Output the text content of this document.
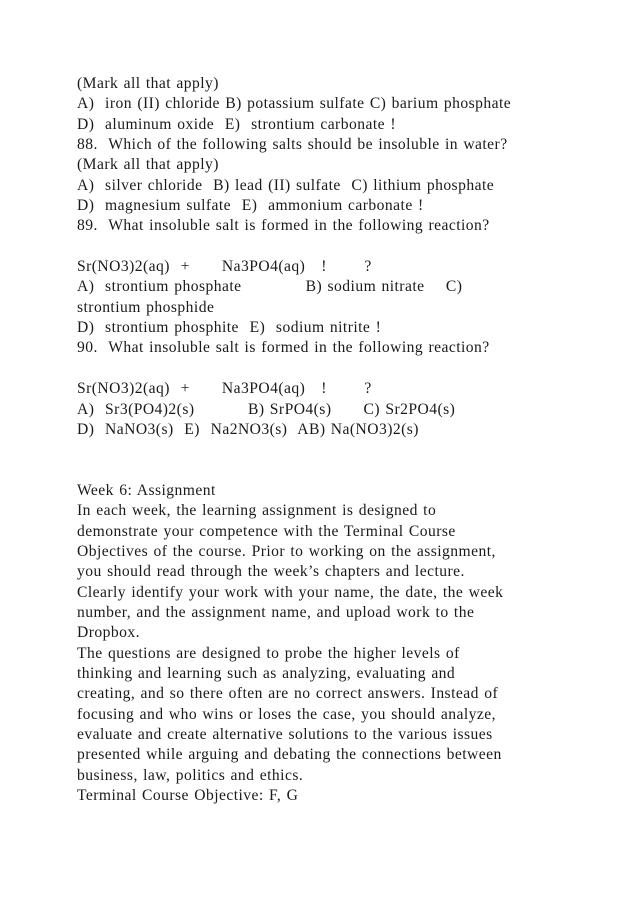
(Mark all that apply)
A)  iron (II) chloride B) potassium sulfate C) barium phosphate
D)  aluminum oxide  E)  strontium carbonate !
88.  Which of the following salts should be insoluble in water?
(Mark all that apply)
A)  silver chloride  B) lead (II) sulfate  C) lithium phosphate
D)  magnesium sulfate  E)  ammonium carbonate !
89.  What insoluble salt is formed in the following reaction?
Sr(NO3)2(aq)  +      Na3PO4(aq)   !       ?
A)  strontium phosphate            B) sodium nitrate    C)
strontium phosphide
D)  strontium phosphite  E)  sodium nitrite !
90.  What insoluble salt is formed in the following reaction?
Sr(NO3)2(aq)  +      Na3PO4(aq)   !       ?
A)  Sr3(PO4)2(s)          B) SrPO4(s)      C) Sr2PO4(s)
D)  NaNO3(s)  E)  Na2NO3(s)  AB) Na(NO3)2(s)
Week 6: Assignment
In each week, the learning assignment is designed to
demonstrate your competence with the Terminal Course
Objectives of the course. Prior to working on the assignment,
you should read through the week’s chapters and lecture.
Clearly identify your work with your name, the date, the week
number, and the assignment name, and upload work to the
Dropbox.
The questions are designed to probe the higher levels of
thinking and learning such as analyzing, evaluating and
creating, and so there often are no correct answers. Instead of
focusing and who wins or loses the case, you should analyze,
evaluate and create alternative solutions to the various issues
presented while arguing and debating the connections between
business, law, politics and ethics.
Terminal Course Objective: F, G
